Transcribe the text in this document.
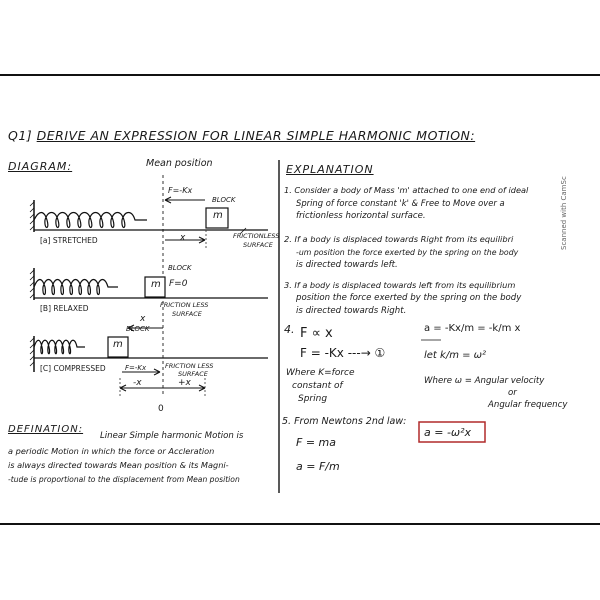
Q1] DERIVE AN EXPRESSION FOR LINEAR SIMPLE HARMONIC MOTION:
DIAGRAM:	Mean position	EXPLANATION
F=-Kx
BLOCK
m
[a] STRETCHED	x	FRICTIONLESS
SURFACE
BLOCK
m F=0
[B] RELAXED	FRICTION LESS
SURFACE
x
BLOCK
m
[C] COMPRESSED	F=-Kx	FRICTION LESS
SURFACE
-x	+x
0
DEFINATION:
Linear Simple harmonic Motion is
a periodic Motion in which the force or Accleration
is always directed towards Mean position & its Magni-
-tude is proportional to the displacement from Mean position
1. Consider a body of Mass 'm' attached to one end of ideal
Spring of force constant 'k' & Free to Move over a
frictionless horizontal surface.
2. If a body is displaced towards Right from its equilibri
-um position the force exerted by the spring on the body
is directed towards left.
3. If a body is displaced towards left from its equilibrium
position the force exerted by the spring on the body
is directed towards Right.
4. F ∝ x
F = -Kx ---→ ①
Where K=force
constant of
Spring
5. From Newtons 2nd law:
F = ma
a = F/m
a = -Kx/m = -k/m x
let k/m = ω²
Where ω = Angular velocity
or
Angular frequency
a = -ω²x
Scanned with CamSc
